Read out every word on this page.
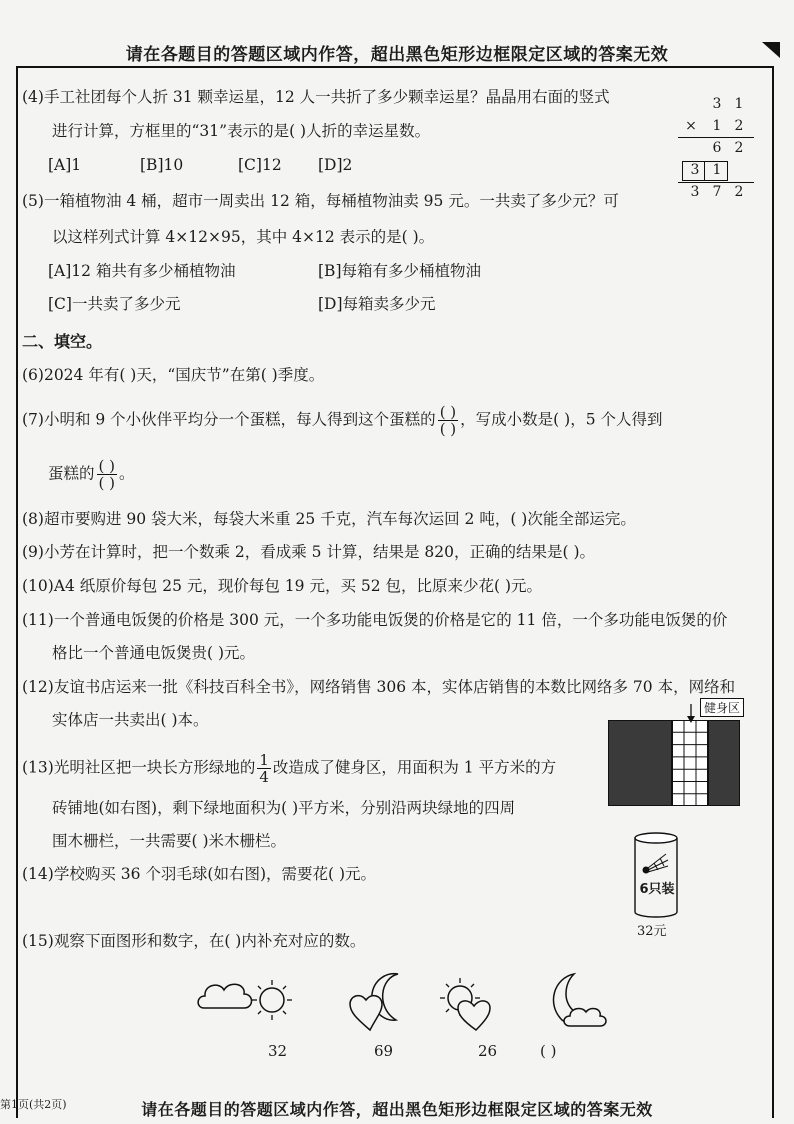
请在各题目的答题区域内作答，超出黑色矩形边框限定区域的答案无效
(4)手工社团每个人折 31 颗幸运星，12 人一共折了多少颗幸运星？晶晶用右面的竖式
进行计算，方框里的“31”表示的是( )人折的幸运星数。
[A]1	[B]10	[C]12 [D]2
3 1
×	1 2
6 2
3 1
3 7 2
(5)一箱植物油 4 桶，超市一周卖出 12 箱，每桶植物油卖 95 元。一共卖了多少元？可
以这样列式计算 4×12×95，其中 4×12 表示的是( )。
[A]12 箱共有多少桶植物油	[B]每箱有多少桶植物油
[C]一共卖了多少元	[D]每箱卖多少元
二、填空。
(6)2024 年有( )天，“国庆节”在第( )季度。
(7)小明和 9 个小伙伴平均分一个蛋糕，每人得到这个蛋糕的 $\frac{( )}{( )}$ ，写成小数是( )，5 个人得到
蛋糕的 $\frac{( )}{( )}$ 。
(8)超市要购进 90 袋大米，每袋大米重 25 千克，汽车每次运回 2 吨，( )次能全部运完。
(9)小芳在计算时，把一个数乘 2，看成乘 5 计算，结果是 820，正确的结果是( )。
(10)A4 纸原价每包 25 元，现价每包 19 元，买 52 包，比原来少花( )元。
(11)一个普通电饭煲的价格是 300 元，一个多功能电饭煲的价格是它的 11 倍，一个多功能电饭煲的价
格比一个普通电饭煲贵( )元。
(12)友谊书店运来一批《科技百科全书》，网络销售 306 本，实体店销售的本数比网络多 70 本，网络和
实体店一共卖出( )本。
(13)光明社区把一块长方形绿地的 $\frac{1}{4}$ 改造成了健身区，用面积为 1 平方米的方
砖铺地(如右图)，剩下绿地面积为( )平方米，分别沿两块绿地的四周
围木栅栏，一共需要( )米木栅栏。
健身区
(14)学校购买 36 个羽毛球(如右图)，需要花( )元。
6只装
32元
(15)观察下面图形和数字，在( )内补充对应的数。
32	69	26	( )
第1页(共2页)	请在各题目的答题区域内作答，超出黑色矩形边框限定区域的答案无效
